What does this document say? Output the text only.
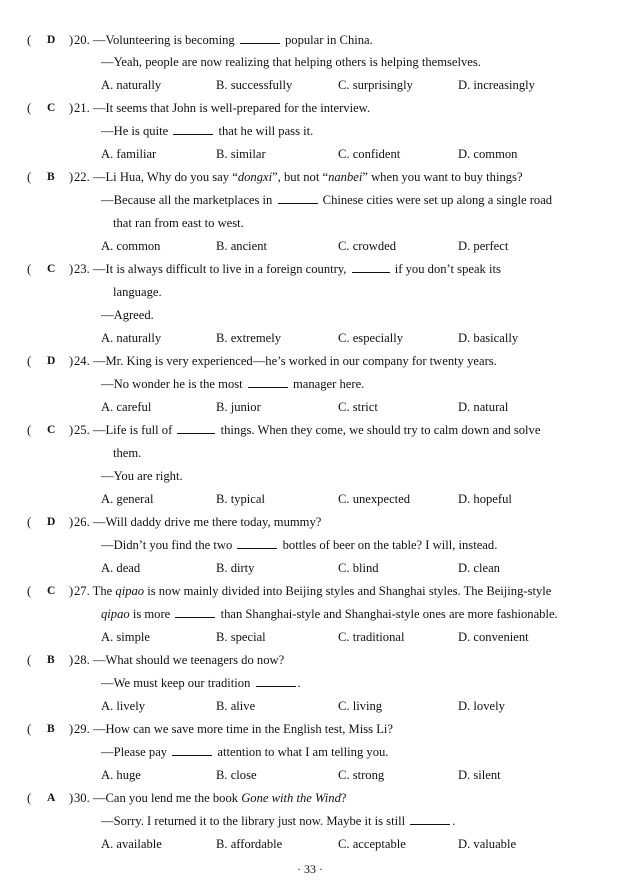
( D ) 20. —Volunteering is becoming	popular in China.
—Yeah, people are now realizing that helping others is helping themselves.
A. naturally	B. successfully	C. surprisingly	D. increasingly
( C ) 21. —It seems that John is well-prepared for the interview.
—He is quite	that he will pass it.
A. familiar	B. similar	C. confident	D. common
( B ) 22. —Li Hua, Why do you say “dongxi”, but not “nanbei” when you want to buy things?
—Because all the marketplaces in	Chinese cities were set up along a single road
that ran from east to west.
A. common	B. ancient	C. crowded	D. perfect
( C ) 23. —It is always difficult to live in a foreign country,	if you don’t speak its
language.
—Agreed.
A. naturally	B. extremely	C. especially	D. basically
( D ) 24. —Mr. King is very experienced—he’s worked in our company for twenty years.
—No wonder he is the most	manager here.
A. careful	B. junior	C. strict	D. natural
( C ) 25. —Life is full of	things. When they come, we should try to calm down and solve
them.
—You are right.
A. general	B. typical	C. unexpected	D. hopeful
( D ) 26. —Will daddy drive me there today, mummy?
—Didn’t you find the two	bottles of beer on the table? I will, instead.
A. dead	B. dirty	C. blind	D. clean
( C ) 27. The qipao is now mainly divided into Beijing styles and Shanghai styles. The Beijing-style
qipao is more	than Shanghai-style and Shanghai-style ones are more fashionable.
A. simple	B. special	C. traditional	D. convenient
( B ) 28. —What should we teenagers do now?
—We must keep our tradition	.
A. lively	B. alive	C. living	D. lovely
( B ) 29. —How can we save more time in the English test, Miss Li?
—Please pay	attention to what I am telling you.
A. huge	B. close	C. strong	D. silent
( A ) 30. —Can you lend me the book Gone with the Wind?
—Sorry. I returned it to the library just now. Maybe it is still	.
A. available	B. affordable	C. acceptable	D. valuable
· 33 ·
